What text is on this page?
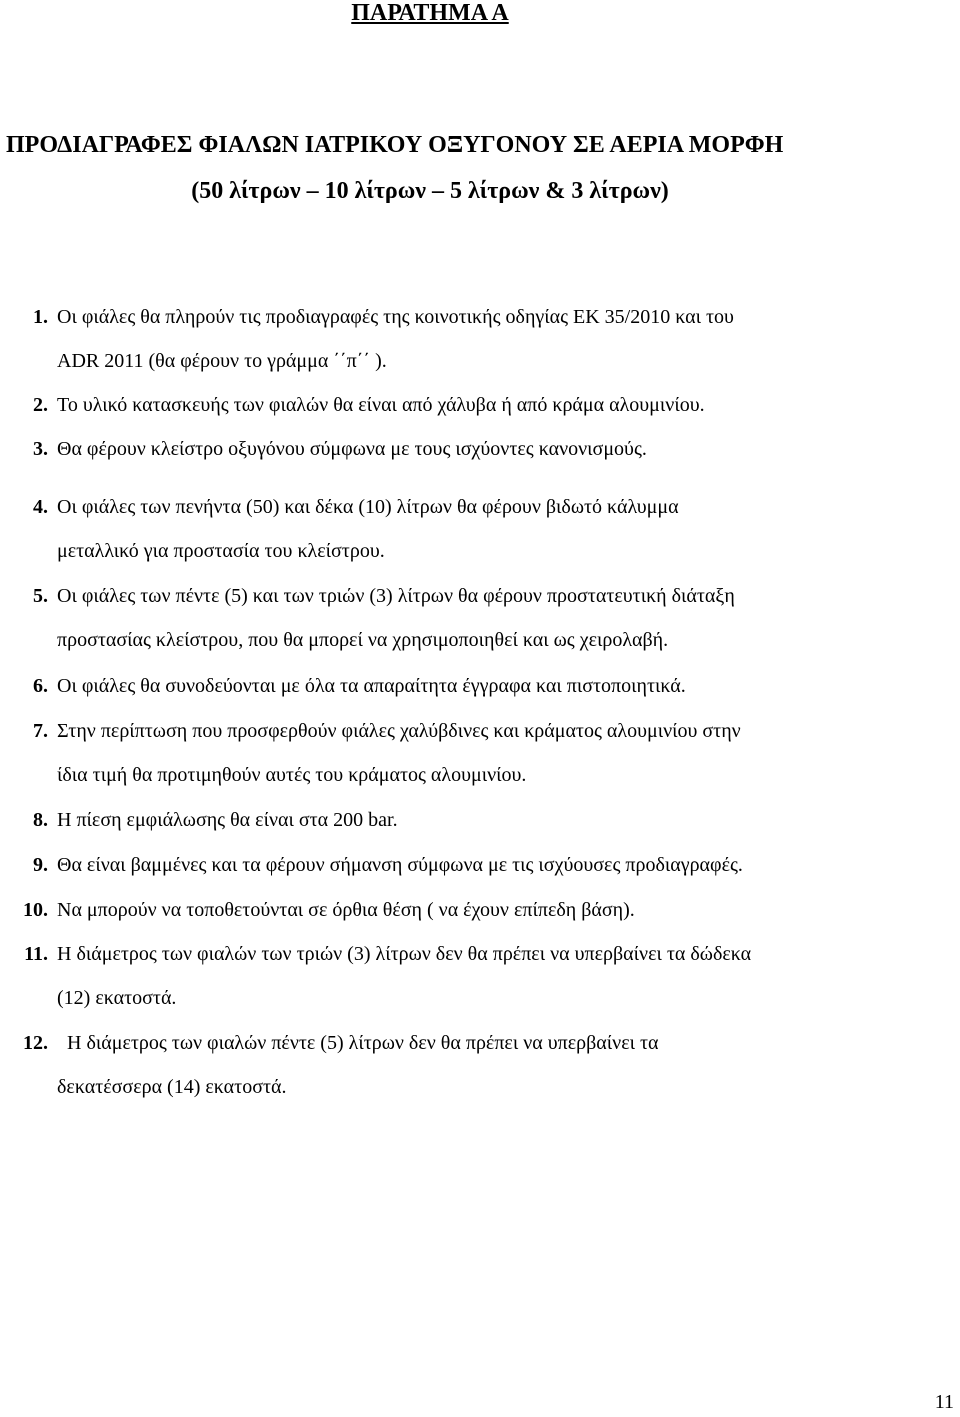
ΠΑΡΑΤΗΜΑ Α
ΠΡΟΔΙΑΓΡΑΦΕΣ ΦΙΑΛΩΝ ΙΑΤΡΙΚΟΥ ΟΞΥΓΟΝΟΥ ΣΕ ΑΕΡΙΑ ΜΟΡΦΗ
(50 λίτρων – 10 λίτρων – 5 λίτρων & 3 λίτρων)
1. Οι φιάλες θα πληρούν τις προδιαγραφές της κοινοτικής οδηγίας ΕΚ 35/2010 και του
ADR 2011 (θα φέρουν το γράμμα ΄΄π΄΄ ).
2. Το υλικό κατασκευής των φιαλών θα είναι από χάλυβα ή από κράμα αλουμινίου.
3. Θα φέρουν κλείστρο οξυγόνου σύμφωνα με τους ισχύοντες κανονισμούς.
4. Οι φιάλες των πενήντα (50) και δέκα (10) λίτρων θα φέρουν βιδωτό κάλυμμα
μεταλλικό για προστασία του κλείστρου.
5. Οι φιάλες των πέντε (5) και των τριών (3) λίτρων θα φέρουν προστατευτική διάταξη
προστασίας κλείστρου, που θα μπορεί να χρησιμοποιηθεί και ως χειρολαβή.
6. Οι φιάλες θα συνοδεύονται με όλα τα απαραίτητα έγγραφα και πιστοποιητικά.
7. Στην περίπτωση που προσφερθούν φιάλες χαλύβδινες και κράματος αλουμινίου στην
ίδια τιμή θα προτιμηθούν αυτές του κράματος αλουμινίου.
8. Η πίεση εμφιάλωσης θα είναι στα 200 bar.
9. Θα είναι βαμμένες και τα φέρουν σήμανση σύμφωνα με τις ισχύουσες προδιαγραφές.
10. Να μπορούν να τοποθετούνται σε όρθια θέση ( να έχουν επίπεδη βάση).
11. Η διάμετρος των φιαλών των τριών (3) λίτρων δεν θα πρέπει να υπερβαίνει τα δώδεκα
(12) εκατοστά.
12. Η διάμετρος των φιαλών πέντε (5) λίτρων δεν θα πρέπει να υπερβαίνει τα
δεκατέσσερα (14) εκατοστά.
11
